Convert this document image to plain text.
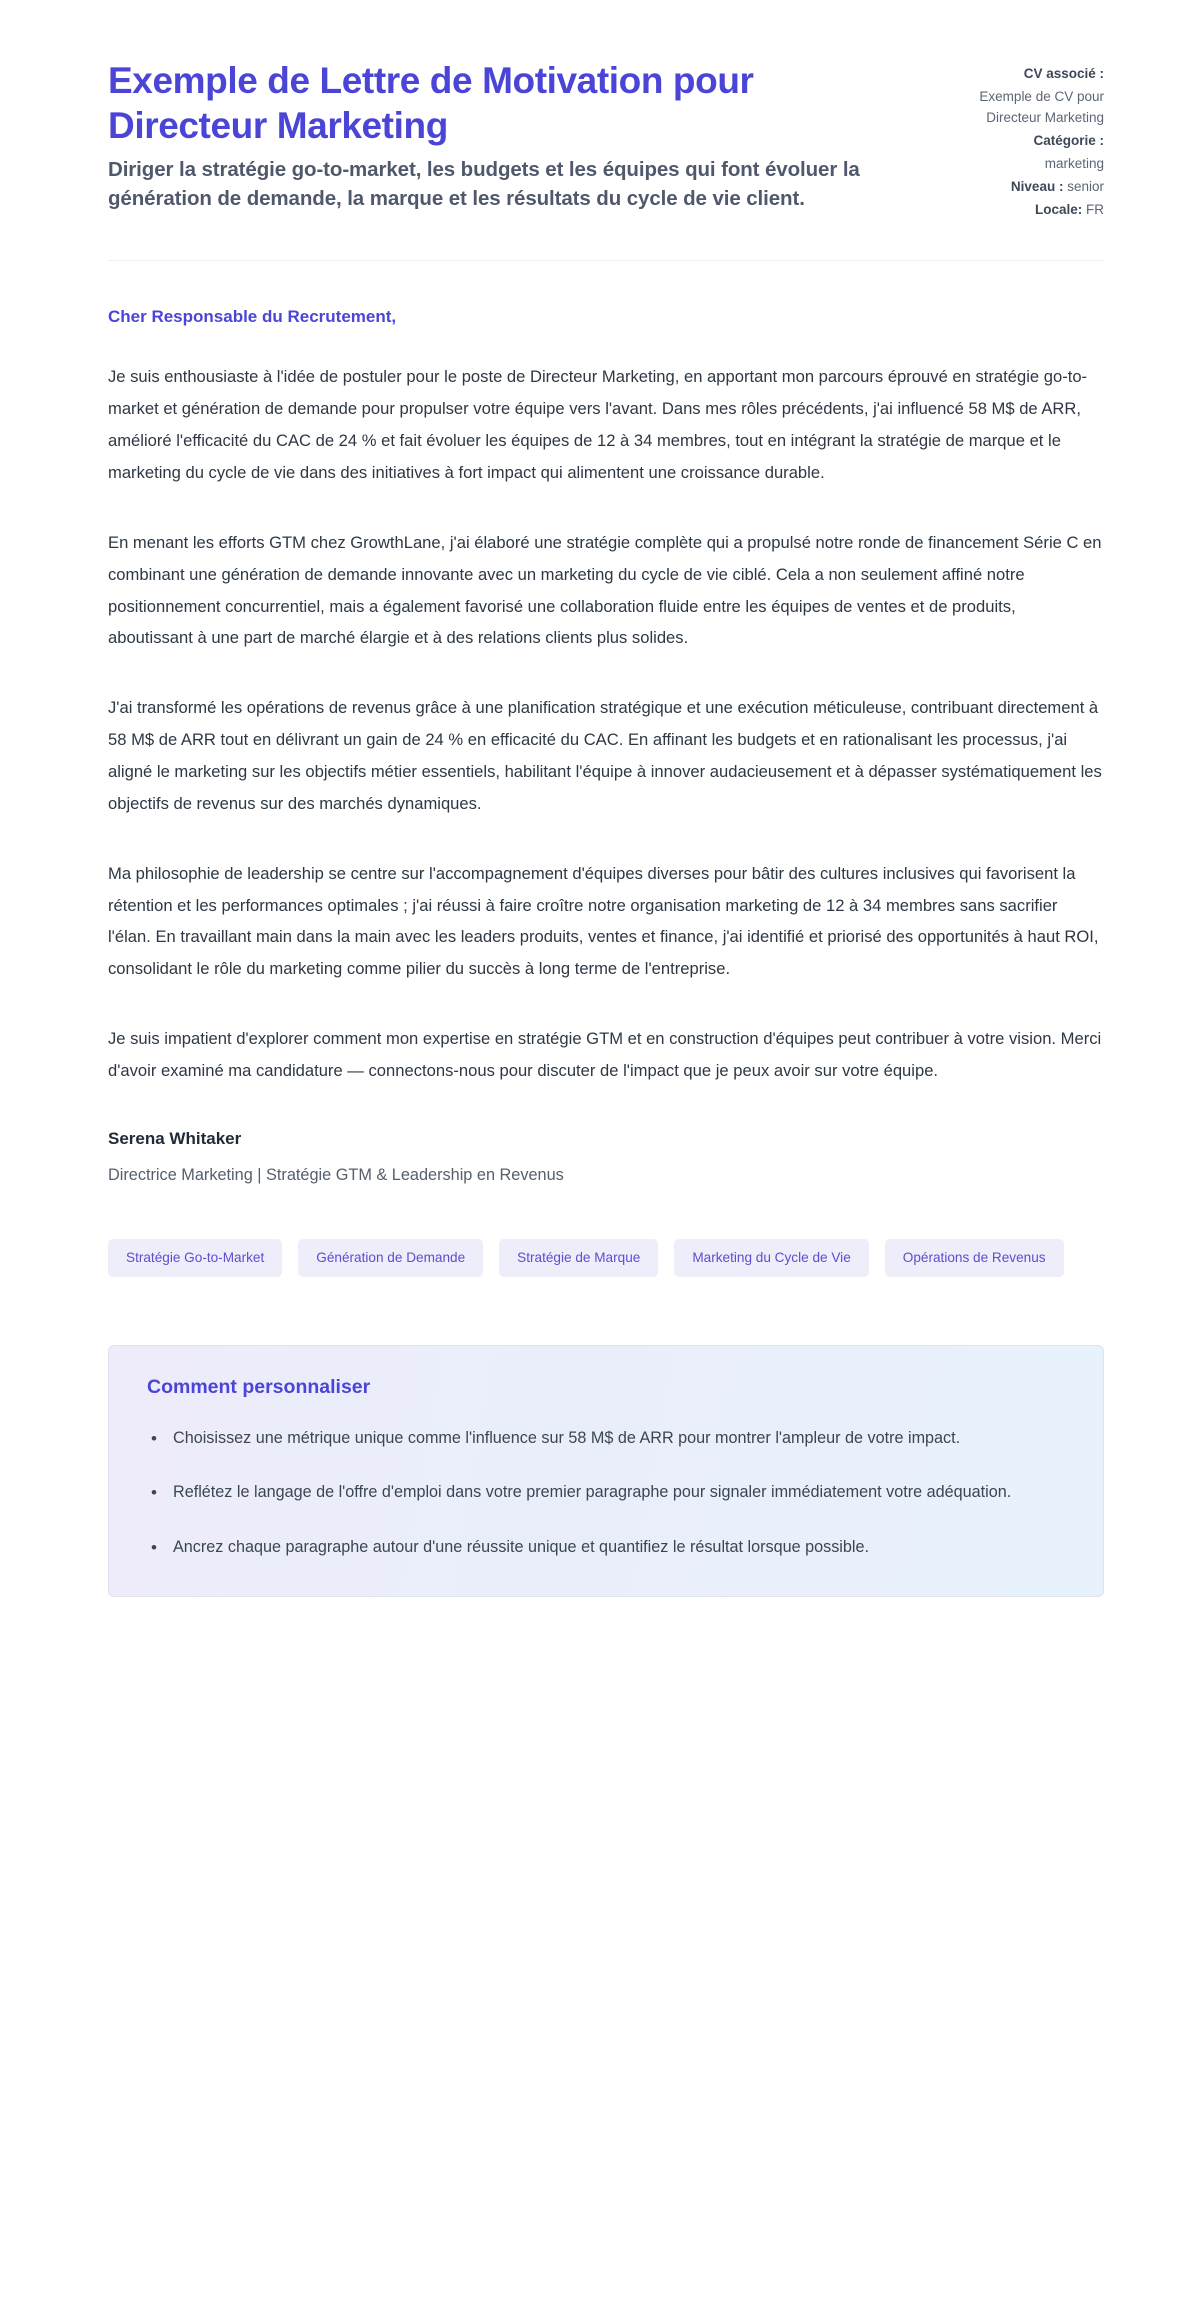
Exemple de Lettre de Motivation pour Directeur Marketing

Diriger la stratégie go-to-market, les budgets et les équipes qui font évoluer la génération de demande, la marque et les résultats du cycle de vie client.

CV associé :
Exemple de CV pour Directeur Marketing
Catégorie :
marketing
Niveau : senior
Locale: FR

Cher Responsable du Recrutement,

Je suis enthousiaste à l'idée de postuler pour le poste de Directeur Marketing, en apportant mon parcours éprouvé en stratégie go-to-market et génération de demande pour propulser votre équipe vers l'avant. Dans mes rôles précédents, j'ai influencé 58 M$ de ARR, amélioré l'efficacité du CAC de 24 % et fait évoluer les équipes de 12 à 34 membres, tout en intégrant la stratégie de marque et le marketing du cycle de vie dans des initiatives à fort impact qui alimentent une croissance durable.

En menant les efforts GTM chez GrowthLane, j'ai élaboré une stratégie complète qui a propulsé notre ronde de financement Série C en combinant une génération de demande innovante avec un marketing du cycle de vie ciblé. Cela a non seulement affiné notre positionnement concurrentiel, mais a également favorisé une collaboration fluide entre les équipes de ventes et de produits, aboutissant à une part de marché élargie et à des relations clients plus solides.

J'ai transformé les opérations de revenus grâce à une planification stratégique et une exécution méticuleuse, contribuant directement à 58 M$ de ARR tout en délivrant un gain de 24 % en efficacité du CAC. En affinant les budgets et en rationalisant les processus, j'ai aligné le marketing sur les objectifs métier essentiels, habilitant l'équipe à innover audacieusement et à dépasser systématiquement les objectifs de revenus sur des marchés dynamiques.

Ma philosophie de leadership se centre sur l'accompagnement d'équipes diverses pour bâtir des cultures inclusives qui favorisent la rétention et les performances optimales ; j'ai réussi à faire croître notre organisation marketing de 12 à 34 membres sans sacrifier l'élan. En travaillant main dans la main avec les leaders produits, ventes et finance, j'ai identifié et priorisé des opportunités à haut ROI, consolidant le rôle du marketing comme pilier du succès à long terme de l'entreprise.

Je suis impatient d'explorer comment mon expertise en stratégie GTM et en construction d'équipes peut contribuer à votre vision. Merci d'avoir examiné ma candidature — connectons-nous pour discuter de l'impact que je peux avoir sur votre équipe.

Serena Whitaker

Directrice Marketing | Stratégie GTM & Leadership en Revenus

Stratégie Go-to-Market	Génération de Demande	Stratégie de Marque	Marketing du Cycle de Vie	Opérations de Revenus

Comment personnaliser

• Choisissez une métrique unique comme l'influence sur 58 M$ de ARR pour montrer l'ampleur de votre impact.
• Reflétez le langage de l'offre d'emploi dans votre premier paragraphe pour signaler immédiatement votre adéquation.
• Ancrez chaque paragraphe autour d'une réussite unique et quantifiez le résultat lorsque possible.
